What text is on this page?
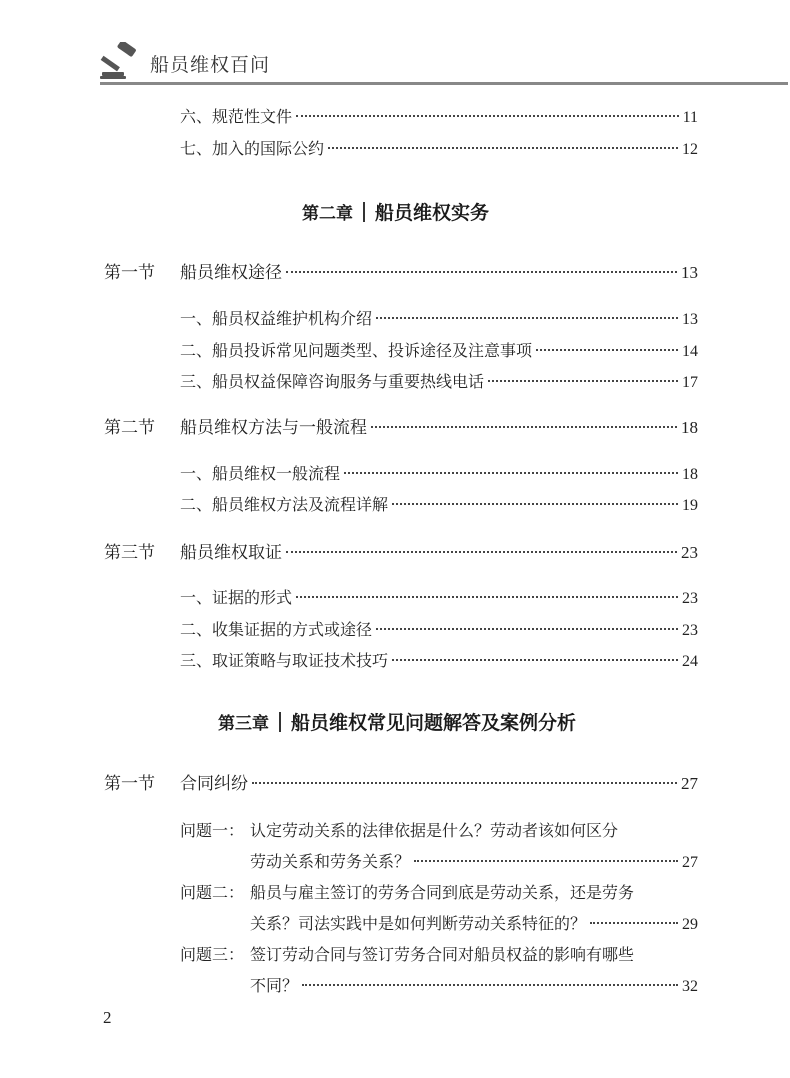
船员维权百问
六、规范性文件	11
七、加入的国际公约	12
第二章 船员维权实务
第一节 船员维权途径	13
一、船员权益维护机构介绍	13
二、船员投诉常见问题类型、投诉途径及注意事项	14
三、船员权益保障咨询服务与重要热线电话	17
第二节 船员维权方法与一般流程	18
一、船员维权一般流程	18
二、船员维权方法及流程详解	19
第三节 船员维权取证	23
一、证据的形式	23
二、收集证据的方式或途径	23
三、取证策略与取证技术技巧	24
第三章 船员维权常见问题解答及案例分析
第一节 合同纠纷	27
问题一： 认定劳动关系的法律依据是什么？劳动者该如何区分
劳动关系和劳务关系？	27
问题二： 船员与雇主签订的劳务合同到底是劳动关系，还是劳务
关系？司法实践中是如何判断劳动关系特征的？	29
问题三： 签订劳动合同与签订劳务合同对船员权益的影响有哪些
不同？	32
2
